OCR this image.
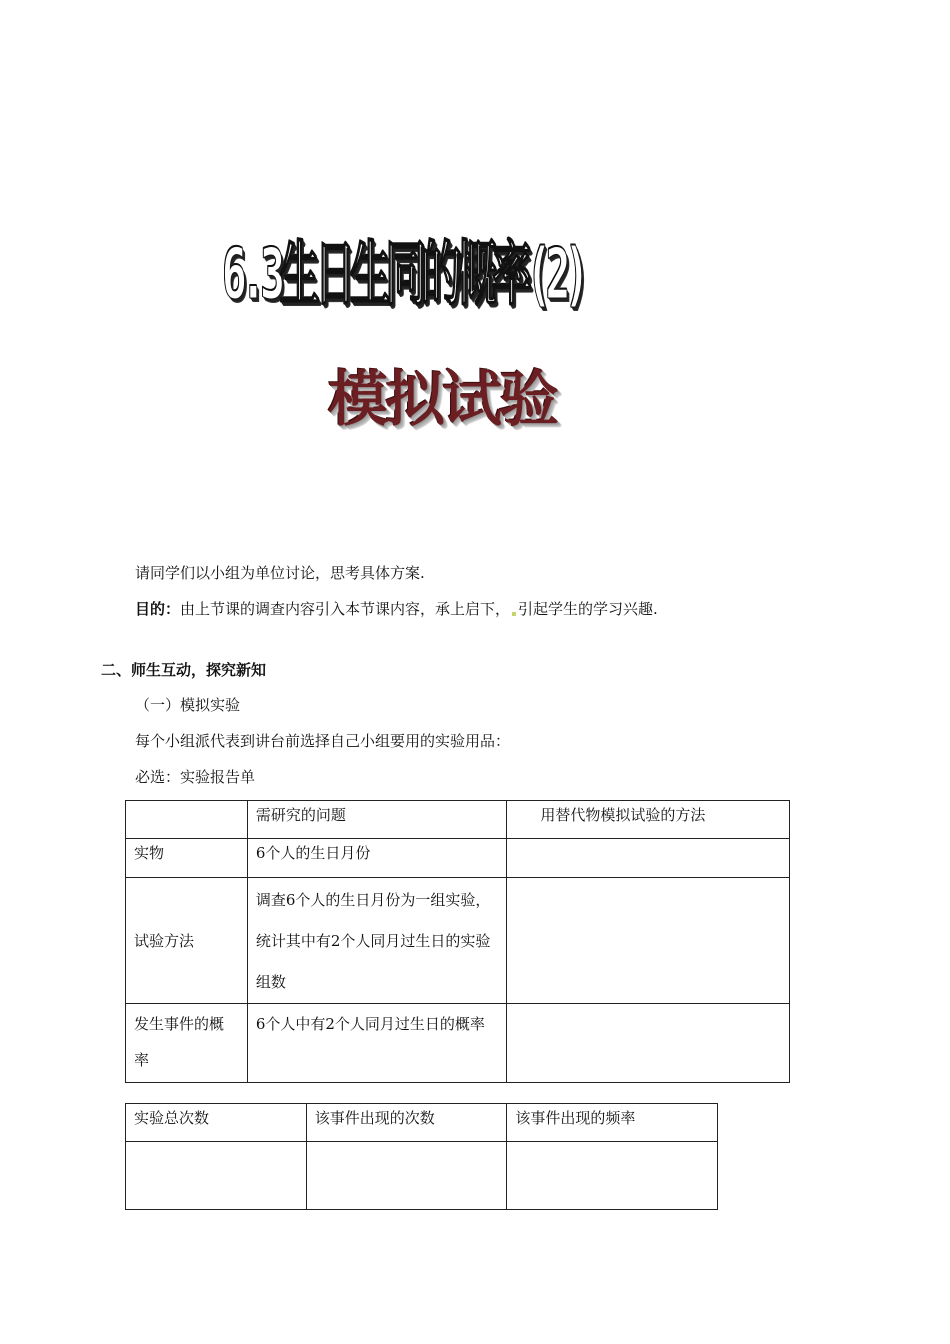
6.3生日生同的概率(2)
模拟试验
请同学们以小组为单位讨论，思考具体方案.
目的：由上节课的调查内容引入本节课内容，承上启下， 引起学生的学习兴趣.
二、师生互动，探究新知
（一）模拟实验
每个小组派代表到讲台前选择自己小组要用的实验用品：
必选：实验报告单
	需研究的问题	用替代物模拟试验的方法
实物	6个人的生日月份	
试验方法	调查6个人的生日月份为一组实验，统计其中有2个人同月过生日的实验组数	
发生事件的概率	6个人中有2个人同月过生日的概率	
实验总次数	该事件出现的次数	该事件出现的频率
